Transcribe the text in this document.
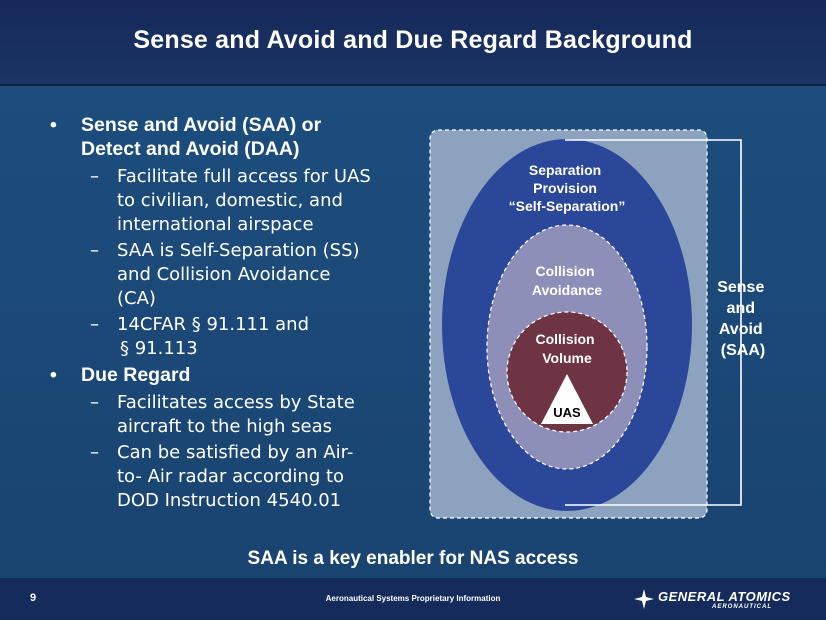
Sense and Avoid and Due Regard Background
• Sense and Avoid (SAA) or
Detect and Avoid (DAA)
– Facilitate full access for UAS
to civilian, domestic, and
international airspace
– SAA is Self-Separation (SS)
and Collision Avoidance
(CA)
– 14CFAR § 91.111 and
§ 91.113
• Due Regard
– Facilitates access by State
aircraft to the high seas
– Can be satisfied by an Air-
to- Air radar according to
DOD Instruction 4540.01
Separation Provision “Self-Separation”
Collision Avoidance
Collision Volume
UAS
Sense and Avoid (SAA)
SAA is a key enabler for NAS access
9	Aeronautical Systems Proprietary Information	GENERAL ATOMICS
AERONAUTICAL
